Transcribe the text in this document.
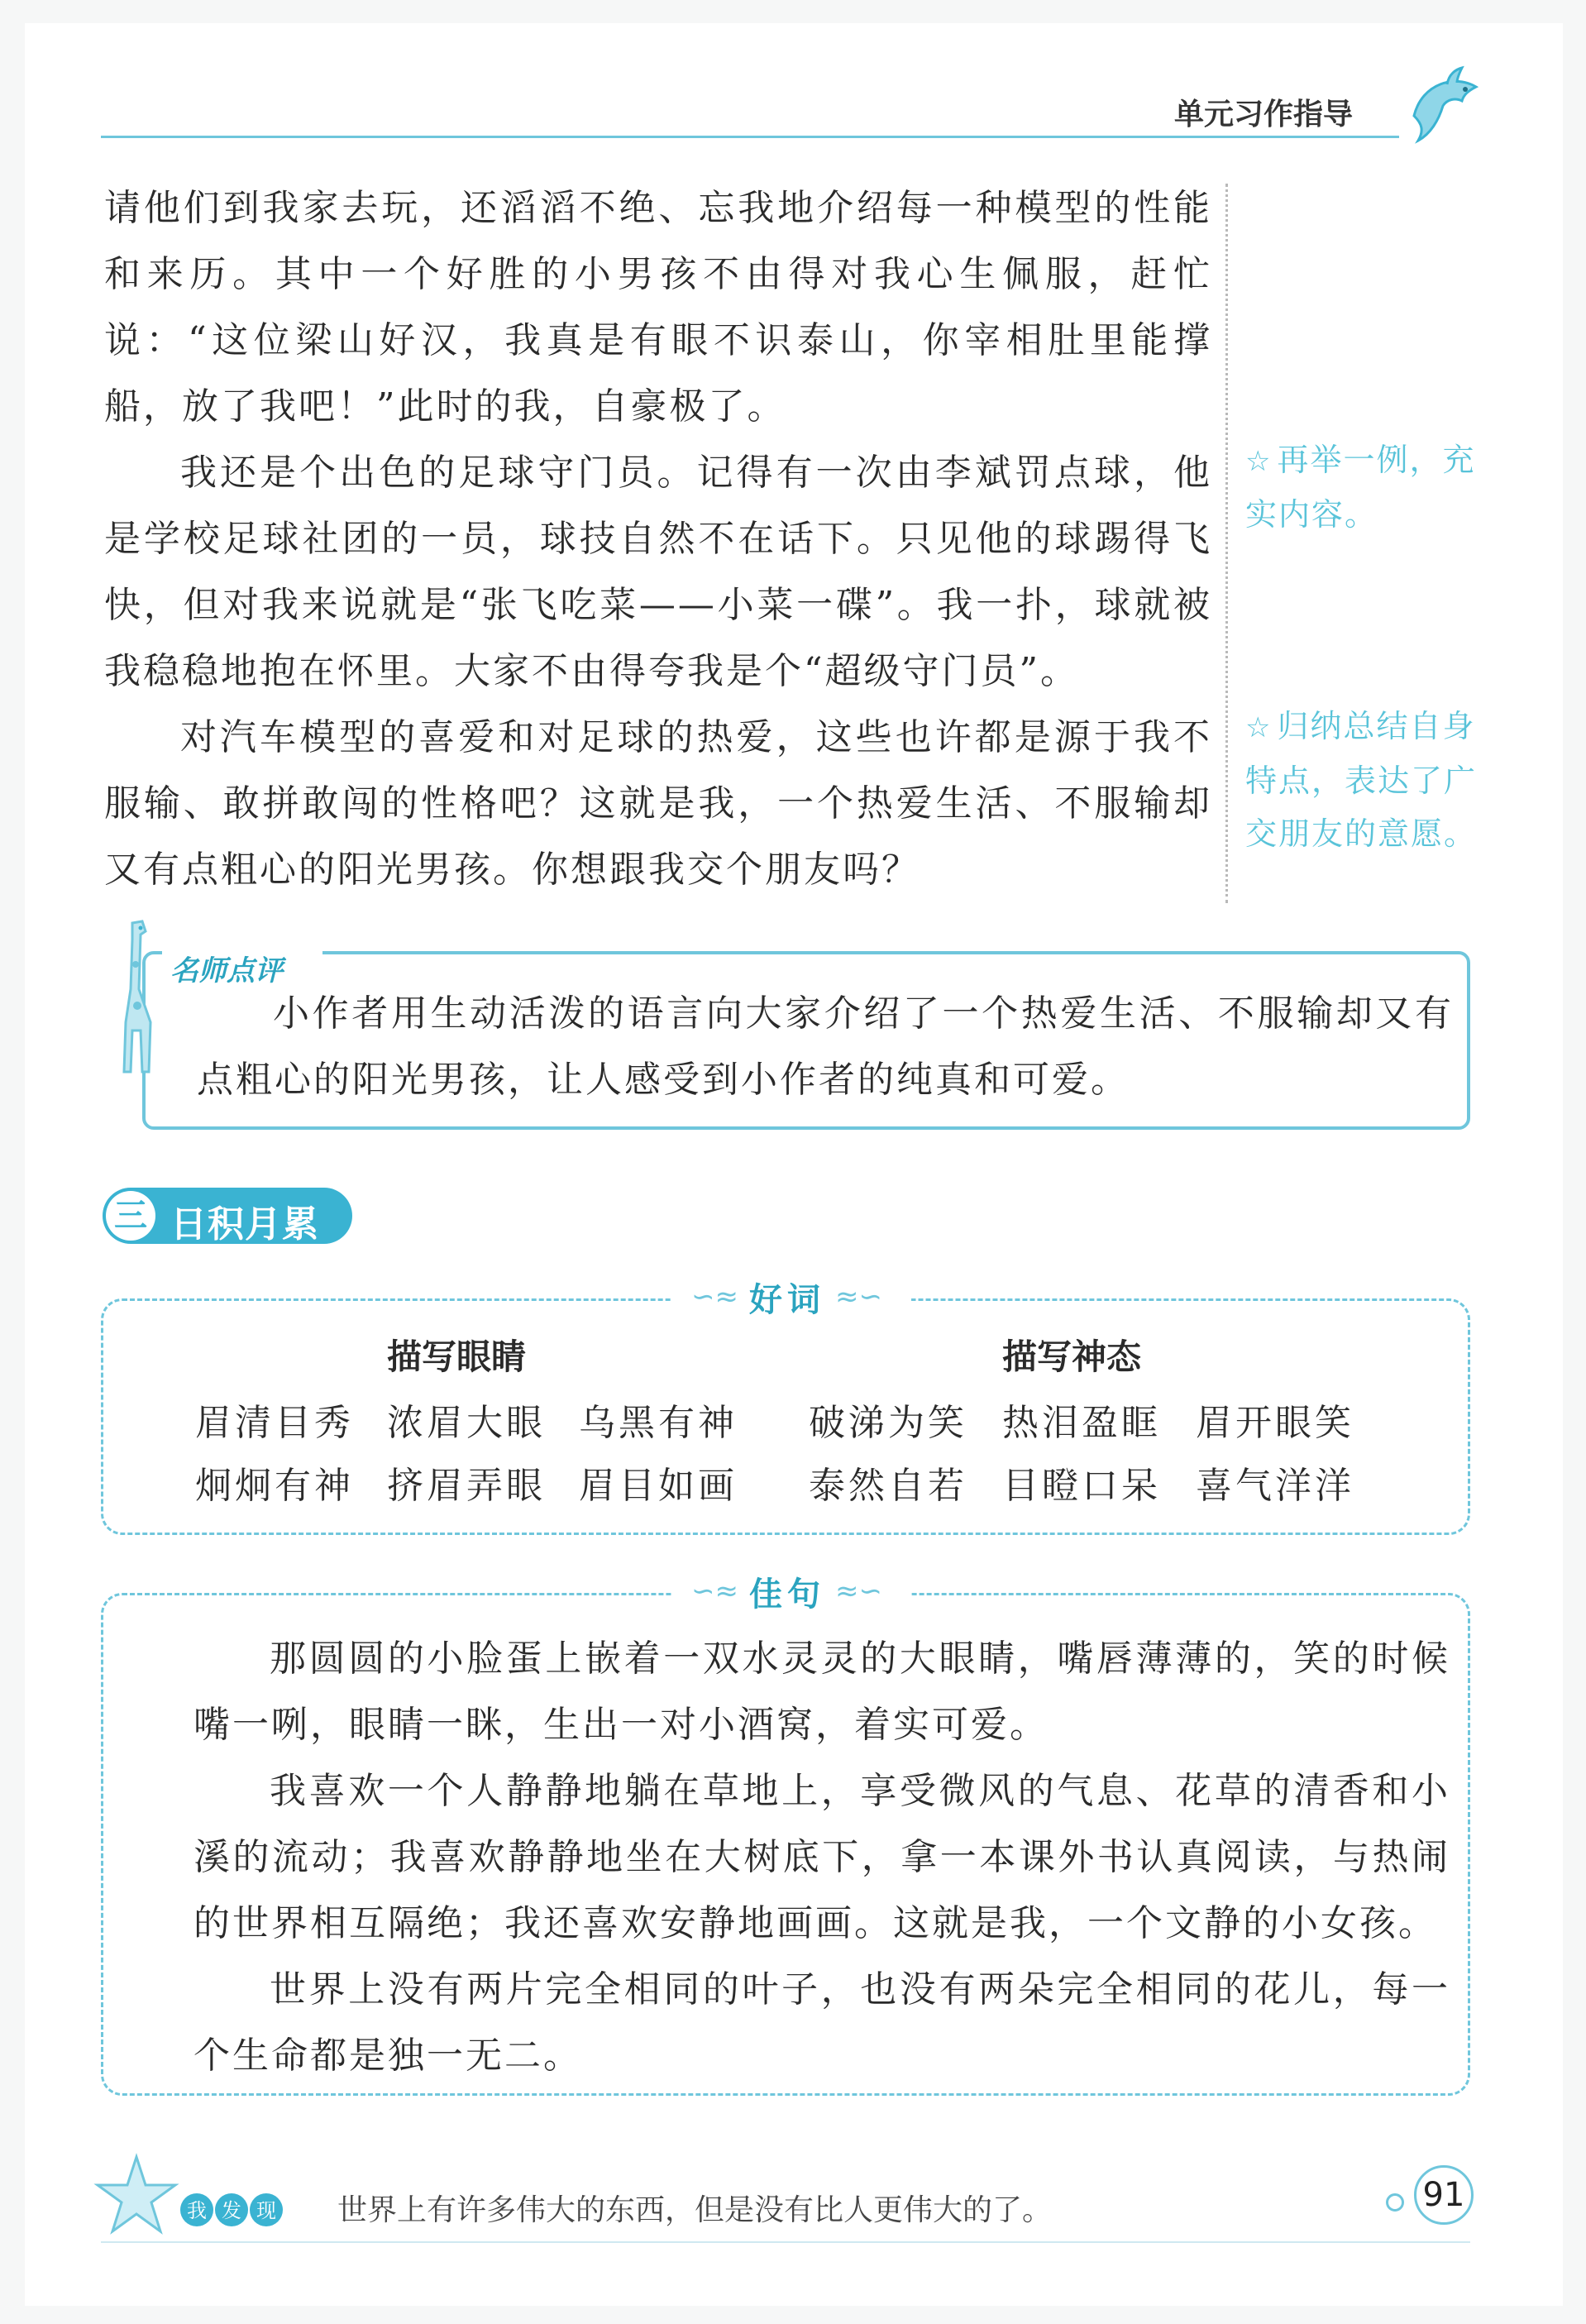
单元习作指导

请他们到我家去玩，还滔滔不绝、忘我地介绍每一种模型的性能和来历。其中一个好胜的小男孩不由得对我心生佩服，赶忙说：“这位梁山好汉，我真是有眼不识泰山，你宰相肚里能撑船，放了我吧！”此时的我，自豪极了。

我还是个出色的足球守门员。记得有一次由李斌罚点球，他是学校足球社团的一员，球技自然不在话下。只见他的球踢得飞快，但对我来说就是“张飞吃菜——小菜一碟”。我一扑，球就被我稳稳地抱在怀里。大家不由得夸我是个“超级守门员”。

对汽车模型的喜爱和对足球的热爱，这些也许都是源于我不服输、敢拼敢闯的性格吧？这就是我，一个热爱生活、不服输却又有点粗心的阳光男孩。你想跟我交个朋友吗？

☆ 再举一例，充实内容。
☆ 归纳总结自身特点，表达了广交朋友的意愿。
名师点评

小作者用生动活泼的语言向大家介绍了一个热爱生活、不服输却又有点粗心的阳光男孩，让人感受到小作者的纯真和可爱。

三 日积月累
∽≈ 好词 ≈∽
描写眼睛	描写神态
眉清目秀 浓眉大眼 乌黑有神
炯炯有神 挤眉弄眼 眉目如画
破涕为笑 热泪盈眶 眉开眼笑
泰然自若 目瞪口呆 喜气洋洋
∽≈ 佳句 ≈∽

那圆圆的小脸蛋上嵌着一双水灵灵的大眼睛，嘴唇薄薄的，笑的时候嘴一咧，眼睛一眯，生出一对小酒窝，着实可爱。

我喜欢一个人静静地躺在草地上，享受微风的气息、花草的清香和小溪的流动；我喜欢静静地坐在大树底下，拿一本课外书认真阅读，与热闹的世界相互隔绝；我还喜欢安静地画画。这就是我，一个文静的小女孩。

世界上没有两片完全相同的叶子，也没有两朵完全相同的花儿，每一个生命都是独一无二。

我 发 现 世界上有许多伟大的东西，但是没有比人更伟大的了。	91
